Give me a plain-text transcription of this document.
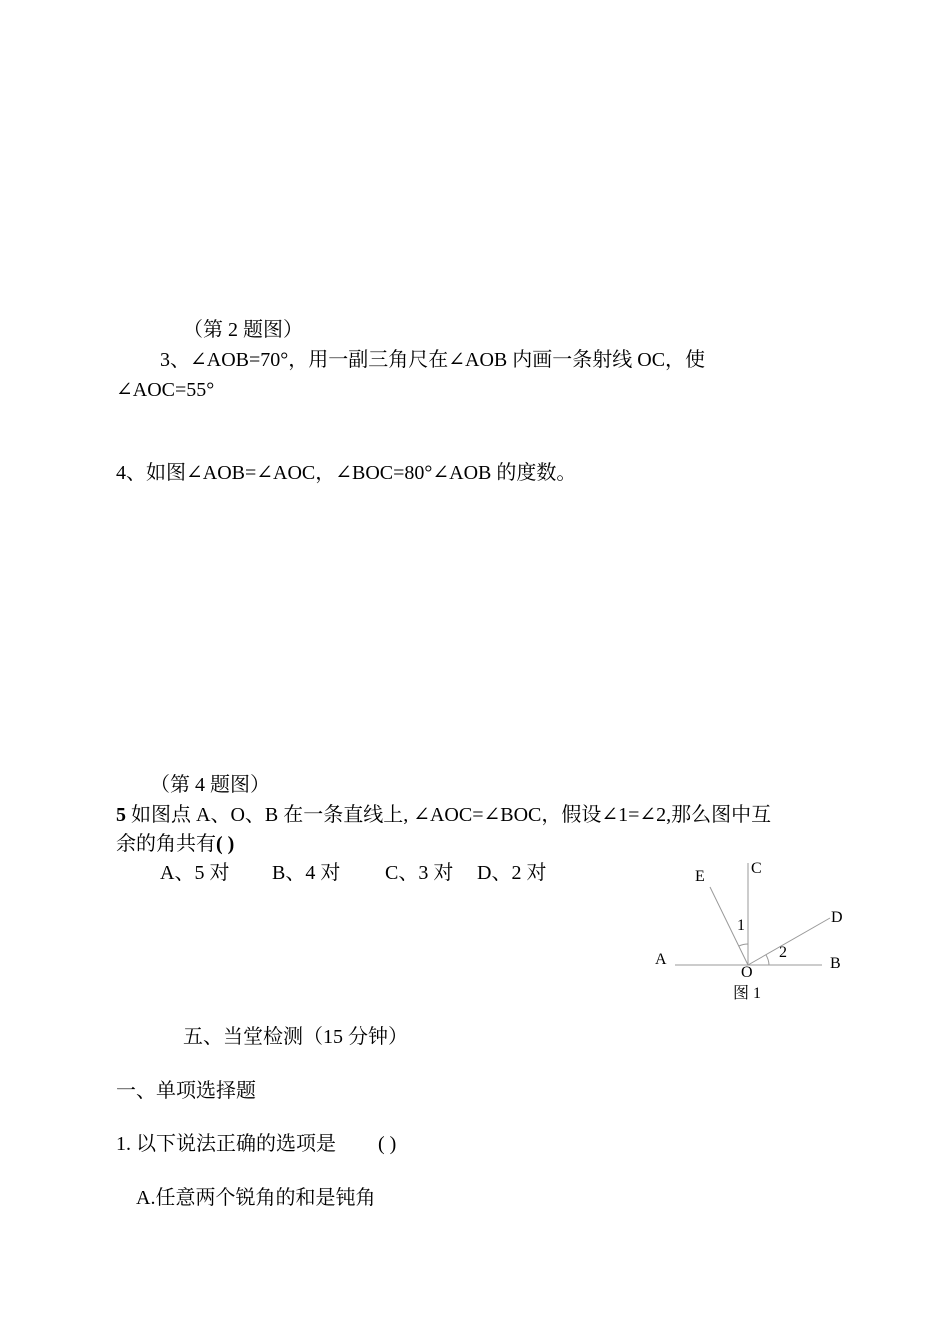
（第 2 题图）
3、∠AOB=70°，用一副三角尺在∠AOB 内画一条射线 OC，使
∠AOC=55°
4、如图∠AOB=∠AOC，∠BOC=80°∠AOB 的度数。
（第 4 题图）
5 如图点 A、O、B 在一条直线上, ∠AOC=∠BOC，假设∠1=∠2,那么图中互
余的角共有( )
A、5 对 B、4 对 C、3 对 D、2 对
A
O
B
C
D
E
1
2
图 1
五、当堂检测（15 分钟）
一、单项选择题
1. 以下说法正确的选项是 ( )
A.任意两个锐角的和是钝角
